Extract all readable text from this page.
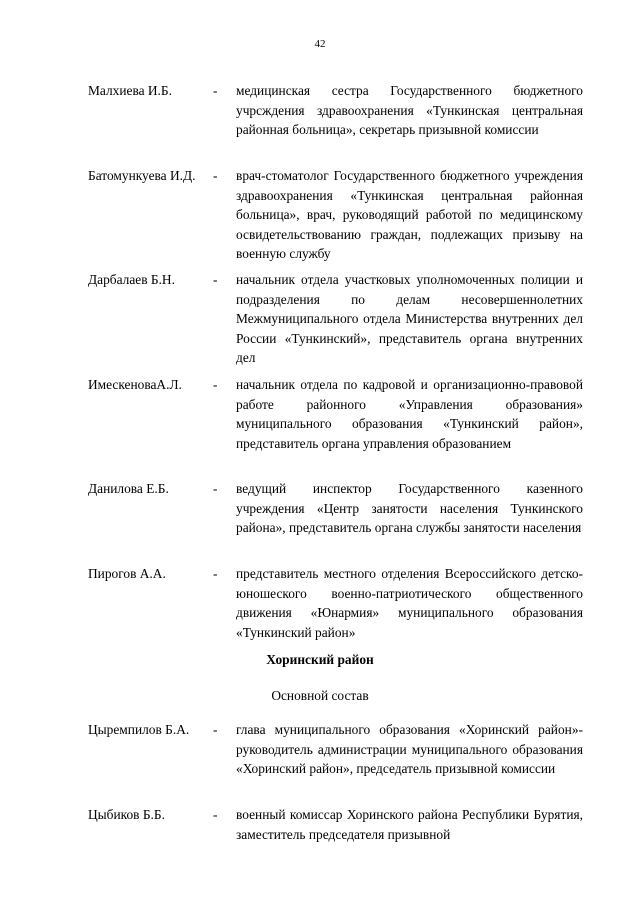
42
Малхиева И.Б.	- медицинская сестра Государственного бюджетного учрсждения здравоохранения «Тункинская центральная районная больница», секретарь призывной комиссии
Батомункуева И.Д.	- врач-стоматолог Государственного бюджетного учреждения здравоохранения «Тункинская центральная районная больница», врач, руководящий работой по медицинскому освидетельствованию граждан, подлежащих призыву на военную службу
Дарбалаев Б.Н.	- начальник отдела участковых уполномоченных полиции и подразделения по делам несовершеннолетних Межмуниципального отдела Министерства внутренних дел России «Тункинский», представитель органа внутренних дел
ИмескеноваА.Л.	- начальник отдела по кадровой и организационно-правовой работе районного «Управления образования» муниципального образования «Тункинский район», представитель органа управления образованием
Данилова Е.Б.	- ведущий инспектор Государственного казенного учреждения «Центр занятости населения Тункинского района», представитель органа службы занятости населения
Пирогов А.А.	- представитель местного отделения Всероссийского детско-юношеского военно-патриотического общественного движения «Юнармия» муниципального образования «Тункинский район»
Хоринский район
Основной состав
Цыремпилов Б.А.	- глава муниципального образования «Хоринский район»-руководитель администрации муниципального образования «Хоринский район», председатель призывной комиссии
Цыбиков Б.Б.	- военный комиссар Хоринского района Республики Бурятия, заместитель председателя призывной
